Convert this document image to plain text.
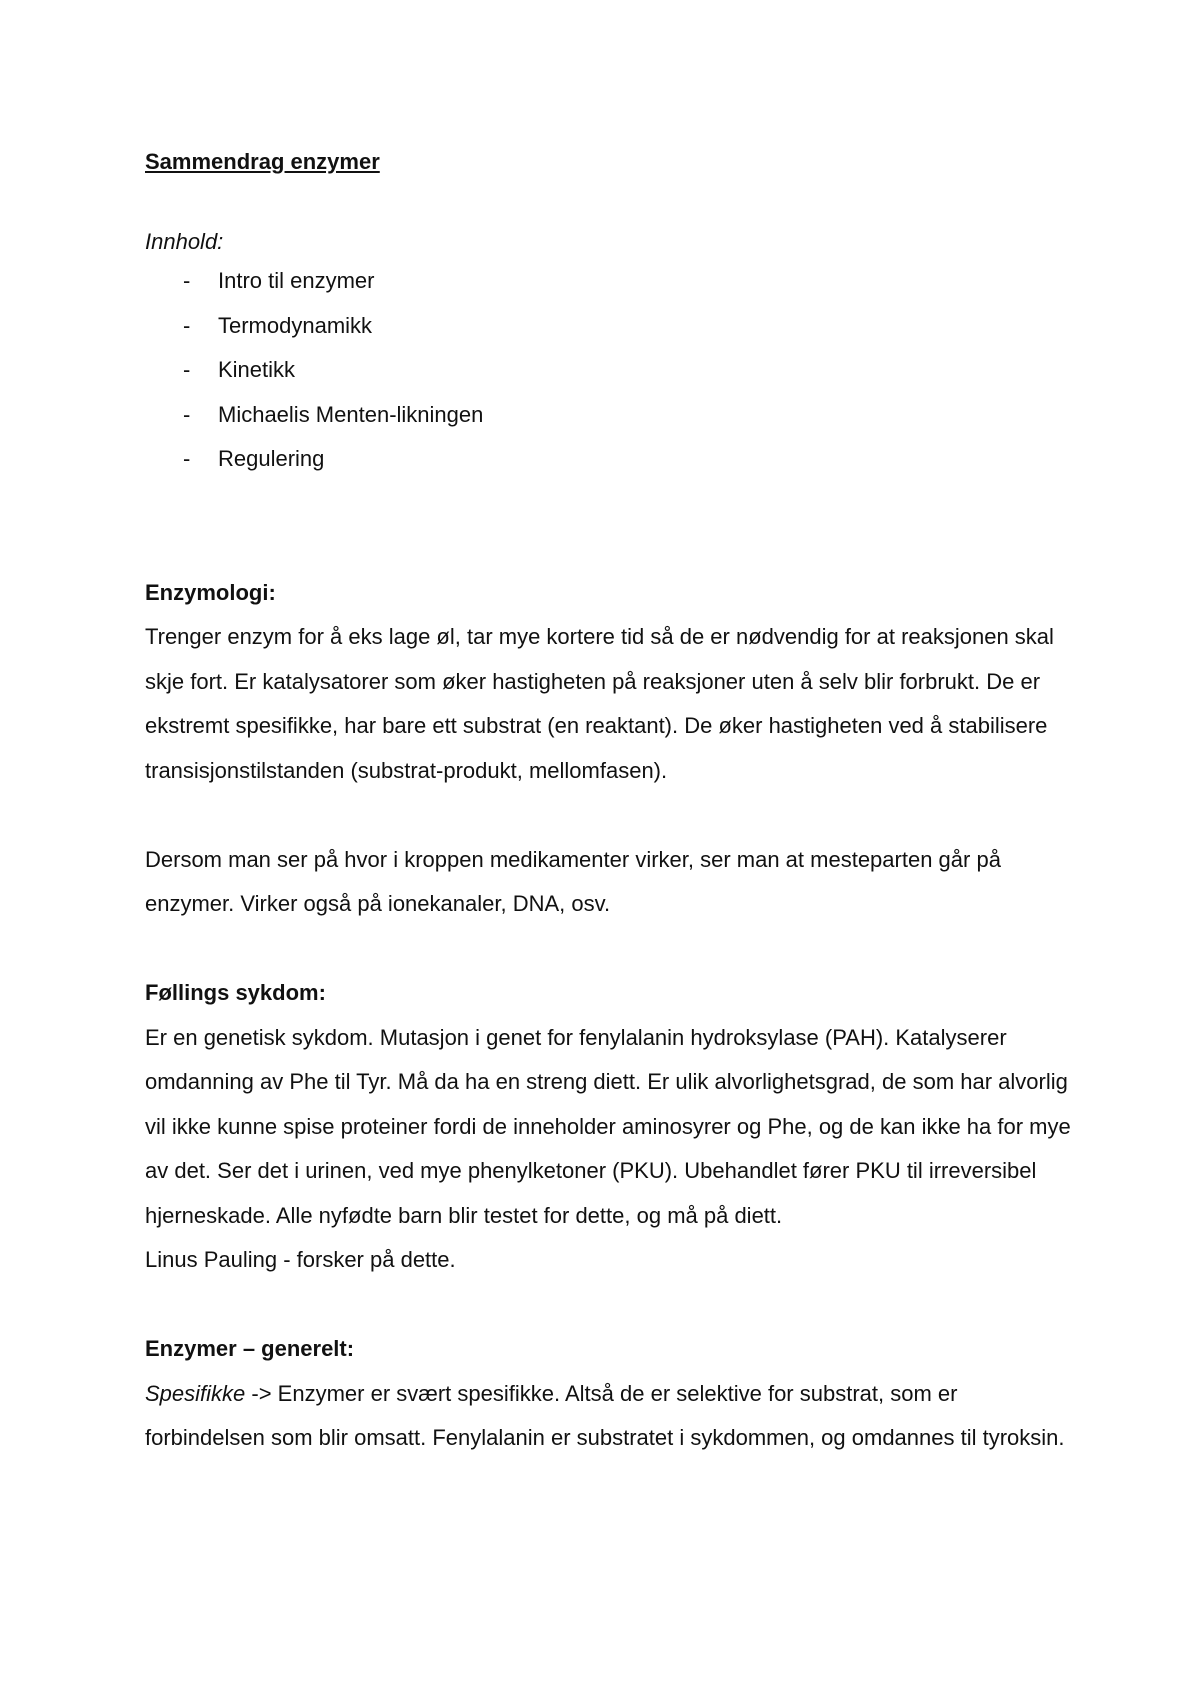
Sammendrag enzymer

Innhold:

- Intro til enzymer
- Termodynamikk
- Kinetikk
- Michaelis Menten-likningen
- Regulering
Enzymologi:

Trenger enzym for å eks lage øl, tar mye kortere tid så de er nødvendig for at reaksjonen skal skje fort. Er katalysatorer som øker hastigheten på reaksjoner uten å selv blir forbrukt. De er ekstremt spesifikke, har bare ett substrat (en reaktant). De øker hastigheten ved å stabilisere transisjonstilstanden (substrat-produkt, mellomfasen).

Dersom man ser på hvor i kroppen medikamenter virker, ser man at mesteparten går på enzymer. Virker også på ionekanaler, DNA, osv.

Føllings sykdom:

Er en genetisk sykdom. Mutasjon i genet for fenylalanin hydroksylase (PAH). Katalyserer omdanning av Phe til Tyr. Må da ha en streng diett. Er ulik alvorlighetsgrad, de som har alvorlig vil ikke kunne spise proteiner fordi de inneholder aminosyrer og Phe, og de kan ikke ha for mye av det. Ser det i urinen, ved mye phenylketoner (PKU). Ubehandlet fører PKU til irreversibel hjerneskade. Alle nyfødte barn blir testet for dette, og må på diett.

Linus Pauling - forsker på dette.

Enzymer – generelt:

Spesifikke -> Enzymer er svært spesifikke. Altså de er selektive for substrat, som er forbindelsen som blir omsatt. Fenylalanin er substratet i sykdommen, og omdannes til tyroksin.
